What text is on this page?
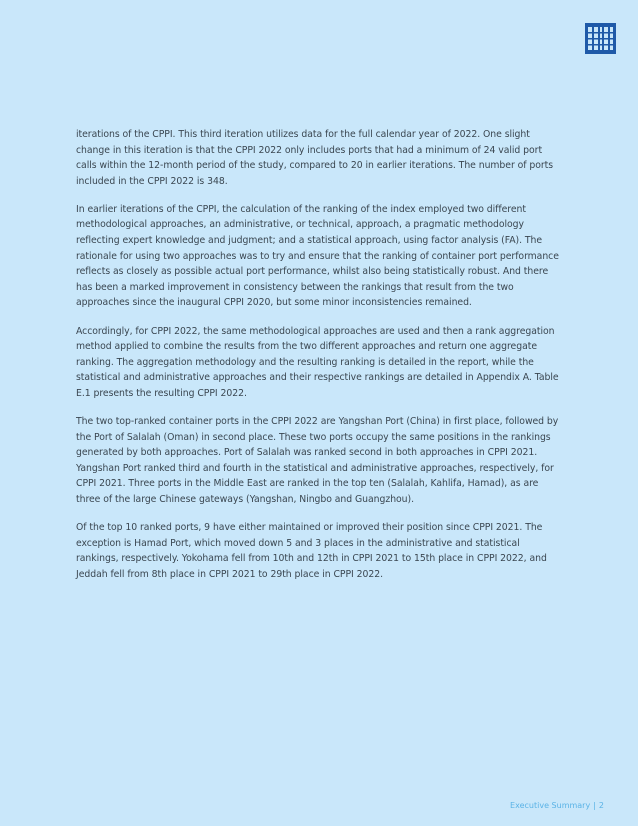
iterations of the CPPI. This third iteration utilizes data for the full calendar year of 2022. One slight change in this iteration is that the CPPI 2022 only includes ports that had a minimum of 24 valid port calls within the 12-month period of the study, compared to 20 in earlier iterations. The number of ports included in the CPPI 2022 is 348.

In earlier iterations of the CPPI, the calculation of the ranking of the index employed two different methodological approaches, an administrative, or technical, approach, a pragmatic methodology reflecting expert knowledge and judgment; and a statistical approach, using factor analysis (FA). The rationale for using two approaches was to try and ensure that the ranking of container port performance reflects as closely as possible actual port performance, whilst also being statistically robust. And there has been a marked improvement in consistency between the rankings that result from the two approaches since the inaugural CPPI 2020, but some minor inconsistencies remained.

Accordingly, for CPPI 2022, the same methodological approaches are used and then a rank aggregation method applied to combine the results from the two different approaches and return one aggregate ranking. The aggregation methodology and the resulting ranking is detailed in the report, while the statistical and administrative approaches and their respective rankings are detailed in Appendix A. Table E.1 presents the resulting CPPI 2022.

The two top-ranked container ports in the CPPI 2022 are Yangshan Port (China) in first place, followed by the Port of Salalah (Oman) in second place. These two ports occupy the same positions in the rankings generated by both approaches. Port of Salalah was ranked second in both approaches in CPPI 2021. Yangshan Port ranked third and fourth in the statistical and administrative approaches, respectively, for CPPI 2021. Three ports in the Middle East are ranked in the top ten (Salalah, Kahlifa, Hamad), as are three of the large Chinese gateways (Yangshan, Ningbo and Guangzhou).

Of the top 10 ranked ports, 9 have either maintained or improved their position since CPPI 2021. The exception is Hamad Port, which moved down 5 and 3 places in the administrative and statistical rankings, respectively. Yokohama fell from 10th and 12th in CPPI 2021 to 15th place in CPPI 2022, and Jeddah fell from 8th place in CPPI 2021 to 29th place in CPPI 2022.

Executive Summary | 2
